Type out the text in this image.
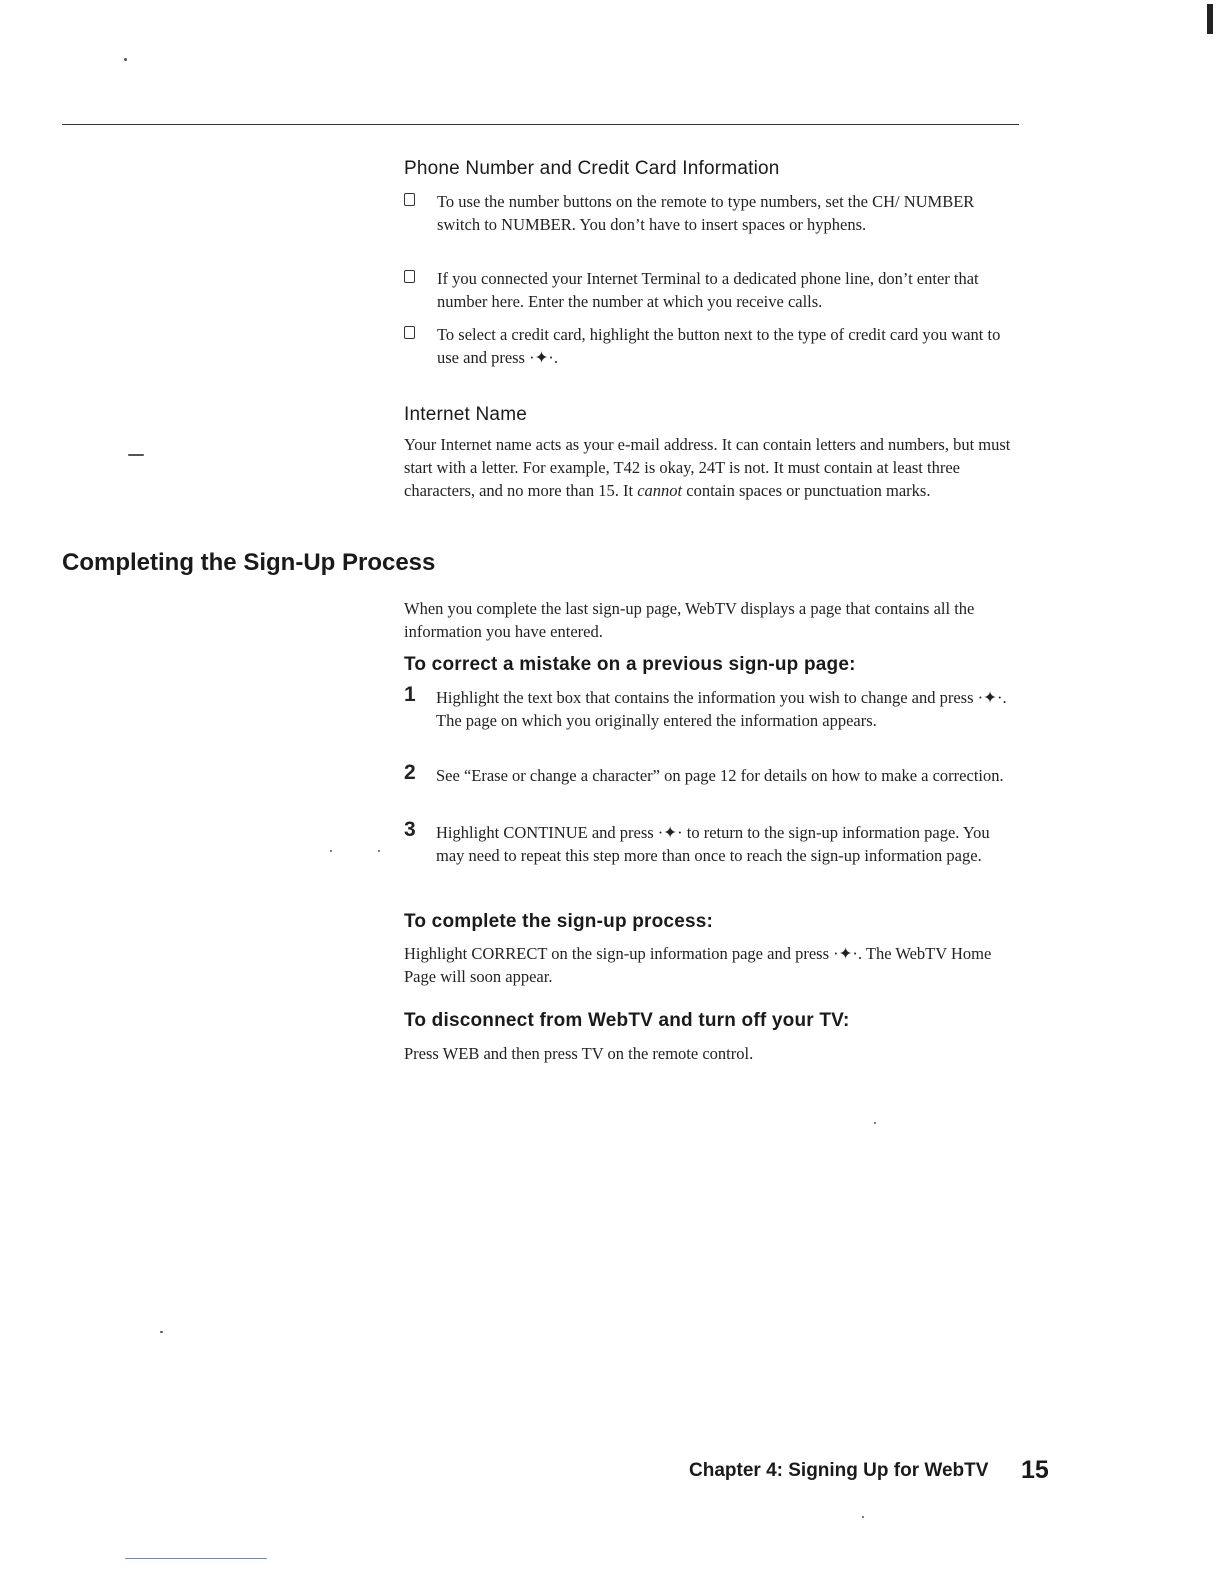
Phone Number and Credit Card Information
To use the number buttons on the remote to type numbers, set the CH/ NUMBER switch to NUMBER. You don’t have to insert spaces or hyphens.
If you connected your Internet Terminal to a dedicated phone line, don’t enter that number here. Enter the number at which you receive calls.
To select a credit card, highlight the button next to the type of credit card you want to use and press ·✦·.
Internet Name

Your Internet name acts as your e-mail address. It can contain letters and numbers, but must start with a letter. For example, T42 is okay, 24T is not. It must contain at least three characters, and no more than 15. It cannot contain spaces or punctuation marks.

Completing the Sign-Up Process

When you complete the last sign-up page, WebTV displays a page that contains all the information you have entered.

To correct a mistake on a previous sign-up page:
1 Highlight the text box that contains the information you wish to change and press ·✦·. The page on which you originally entered the information appears.
2 See “Erase or change a character” on page 12 for details on how to make a correction.
3 Highlight CONTINUE and press ·✦· to return to the sign-up information page. You may need to repeat this step more than once to reach the sign-up information page.
To complete the sign-up process:

Highlight CORRECT on the sign-up information page and press ·✦·. The WebTV Home Page will soon appear.

To disconnect from WebTV and turn off your TV:

Press WEB and then press TV on the remote control.

Chapter 4: Signing Up for WebTV 15
